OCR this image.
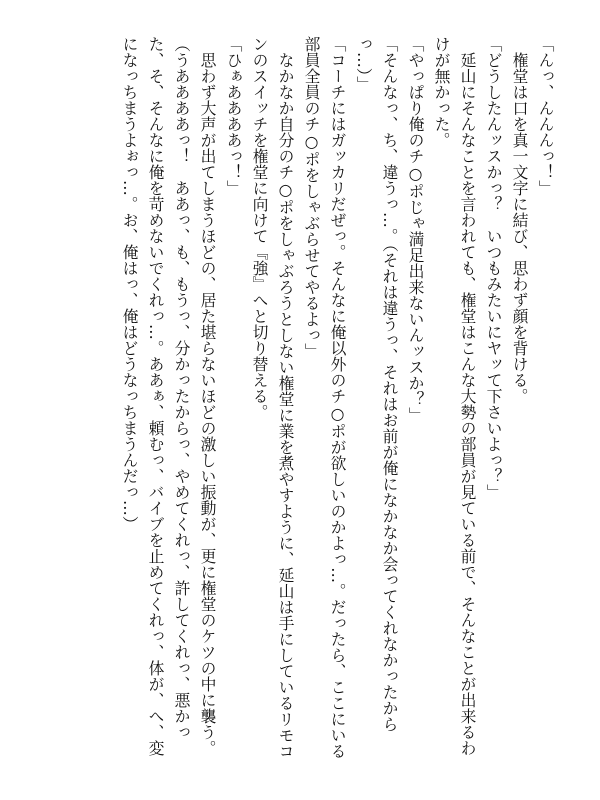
「んっ、んんんっ！」
　権堂は口を真一文字に結び、思わず顔を背ける。
「どうしたんッスかっ？　いつもみたいにヤッて下さいよっ？」
　延山にそんなことを言われても、権堂はこんな大勢の部員が見ている前で、そんなことが出来るわけが無かった。
「やっぱり俺のチ○ポじゃ満足出来ないんッスか？」
「そんなっ、ち、違うっ…。（それは違うっ、それはお前が俺になかなか会ってくれなかったからっ…）」
「コーチにはガッカリだぜっ。そんなに俺以外のチ○ポが欲しいのかよっ…。だったら、ここにいる部員全員のチ○ポをしゃぶらせてやるよっ」
　なかなか自分のチ○ポをしゃぶろうとしない権堂に業を煮やすように、延山は手にしているリモコンのスイッチを権堂に向けて『強』へと切り替える。
「ひぁああああっ！」
　思わず大声が出てしまうほどの、居た堪らないほどの激しい振動が、更に権堂のケツの中に襲う。
（うああああっ！　ああっ、も、もうっ、分かったからっ、やめてくれっ、許してくれっ、悪かった、そ、そんなに俺を苛めないでくれっ…。ああぁ、頼むっ、バイブを止めてくれっ、体が、へ、変になっちまうよぉっ…。お、俺はっ、俺はどうなっちまうんだっ…）
